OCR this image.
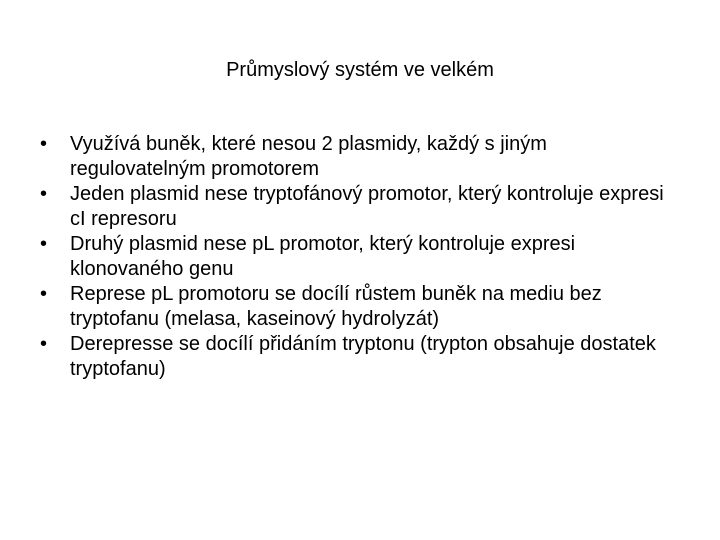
Průmyslový systém ve velkém
•	Využívá buněk, které nesou 2 plasmidy, každý s jiným regulovatelným promotorem
•	Jeden plasmid nese tryptofánový promotor, který kontroluje expresi cI represoru
•	Druhý plasmid nese pL promotor, který kontroluje expresi klonovaného genu
•	Represe pL promotoru se docílí růstem buněk na mediu bez tryptofanu (melasa, kaseinový hydrolyzát)
•	Derepresse se docílí přidáním tryptonu (trypton obsahuje dostatek tryptofanu)
